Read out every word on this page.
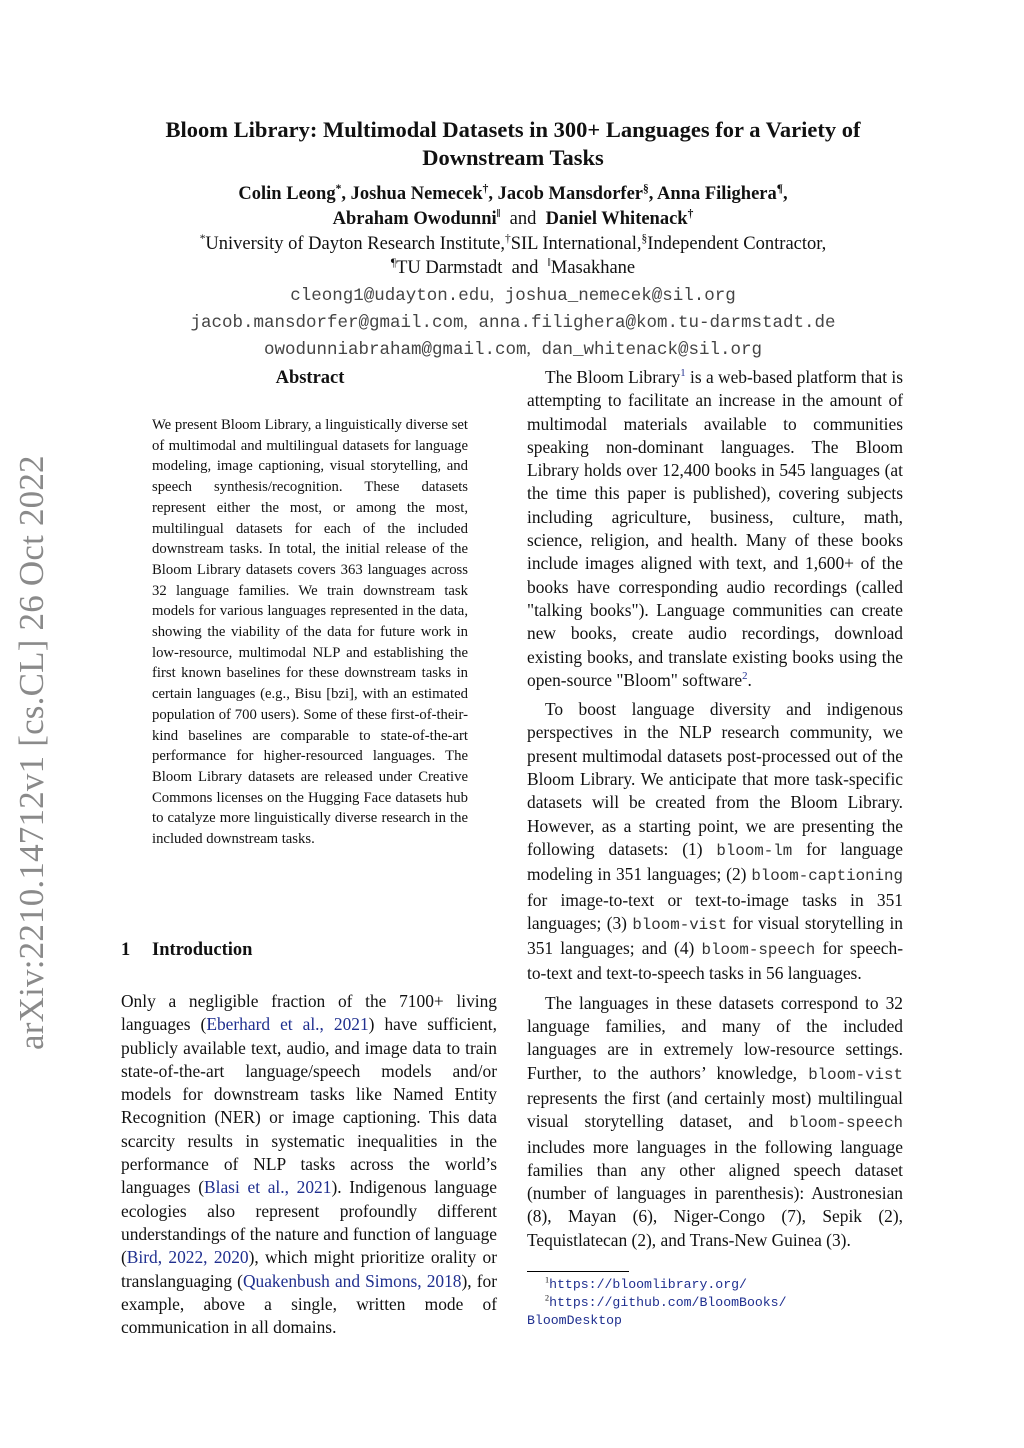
arXiv:2210.14712v1 [cs.CL] 26 Oct 2022
Bloom Library: Multimodal Datasets in 300+ Languages for a Variety of
Downstream Tasks
Colin Leong*, Joshua Nemecek†, Jacob Mansdorfer§, Anna Filighera¶,
Abraham Owodunni‖ and Daniel Whitenack†
*University of Dayton Research Institute,†SIL International,§Independent Contractor,
¶TU Darmstadt and ‖Masakhane
cleong1@udayton.edu, joshua_nemecek@sil.org
jacob.mansdorfer@gmail.com, anna.filighera@kom.tu-darmstadt.de
owodunniabraham@gmail.com, dan_whitenack@sil.org
Abstract

We present Bloom Library, a linguistically diverse set of multimodal and multilingual datasets for language modeling, image captioning, visual storytelling, and speech synthesis/recognition. These datasets represent either the most, or among the most, multilingual datasets for each of the included downstream tasks. In total, the initial release of the Bloom Library datasets covers 363 languages across 32 language families. We train downstream task models for various languages represented in the data, showing the viability of the data for future work in low-resource, multimodal NLP and establishing the first known baselines for these downstream tasks in certain languages (e.g., Bisu [bzi], with an estimated population of 700 users). Some of these first-of-their-kind baselines are comparable to state-of-the-art performance for higher-resourced languages. The Bloom Library datasets are released under Creative Commons licenses on the Hugging Face datasets hub to catalyze more linguistically diverse research in the included downstream tasks.

1 Introduction

Only a negligible fraction of the 7100+ living languages (Eberhard et al., 2021) have sufficient, publicly available text, audio, and image data to train state-of-the-art language/speech models and/or models for downstream tasks like Named Entity Recognition (NER) or image captioning. This data scarcity results in systematic inequalities in the performance of NLP tasks across the world’s languages (Blasi et al., 2021). Indigenous language ecologies also represent profoundly different understandings of the nature and function of language (Bird, 2022, 2020), which might prioritize orality or translanguaging (Quakenbush and Simons, 2018), for example, above a single, written mode of communication in all domains.

The Bloom Library$^1$ is a web-based platform that is attempting to facilitate an increase in the amount of multimodal materials available to communities speaking non-dominant languages. The Bloom Library holds over 12,400 books in 545 languages (at the time this paper is published), covering subjects including agriculture, business, culture, math, science, religion, and health. Many of these books include images aligned with text, and 1,600+ of the books have corresponding audio recordings (called "talking books"). Language communities can create new books, create audio recordings, download existing books, and translate existing books using the open-source "Bloom" software$^2$.

To boost language diversity and indigenous perspectives in the NLP research community, we present multimodal datasets post-processed out of the Bloom Library. We anticipate that more task-specific datasets will be created from the Bloom Library. However, as a starting point, we are presenting the following datasets: (1) bloom-lm for language modeling in 351 languages; (2) bloom-captioning for image-to-text or text-to-image tasks in 351 languages; (3) bloom-vist for visual storytelling in 351 languages; and (4) bloom-speech for speech-to-text and text-to-speech tasks in 56 languages.

The languages in these datasets correspond to 32 language families, and many of the included languages are in extremely low-resource settings. Further, to the authors’ knowledge, bloom-vist represents the first (and certainly most) multilingual visual storytelling dataset, and bloom-speech includes more languages in the following language families than any other aligned speech dataset (number of languages in parenthesis): Austronesian (8), Mayan (6), Niger-Congo (7), Sepik (2), Tequistlatecan (2), and Trans-New Guinea (3).

$^1$https://bloomlibrary.org/
$^2$https://github.com/BloomBooks/
BloomDesktop
